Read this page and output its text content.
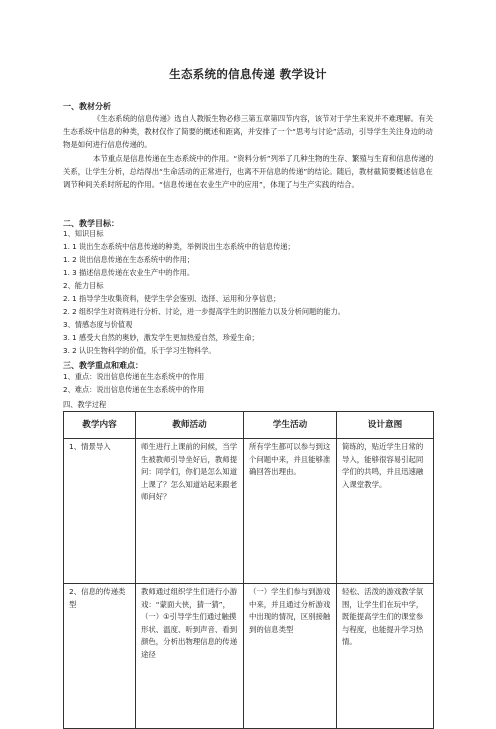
生态系统的信息传递 教学设计
一、教材分析
《生态系统的信息传递》选自人教版生物必修三第五章第四节内容，该节对于学生来说并不难理解。有关生态系统中信息的种类，教材仅作了简要的概述和距离，并安排了一个“思考与讨论”活动，引导学生关注身边的动物是如何进行信息传递的。
本节重点是信息传递在生态系统中的作用。“资料分析”列举了几种生物的生存、繁殖与生育和信息传递的关系，让学生分析，总结得出“生命活动的正常进行，也离不开信息的传递”的结论。随后，教材截简要概述信息在调节种间关系时所起的作用。“信息传递在农业生产中的应用”，体现了与生产实践的结合。
二、教学目标：
1、知识目标
1. 1 说出生态系统中信息传递的种类，举例说出生态系统中的信息传递；
1. 2 说出信息传递在生态系统中的作用；
1. 3 描述信息传递在农业生产中的作用。
2、能力目标
2. 1 指导学生收集资料，使学生学会鉴别、选择、运用和分享信息；
2. 2 组织学生对资料进行分析、讨论，进一步提高学生的识图能力以及分析问题的能力。
3、情感态度与价值观
3. 1 感受大自然的奥妙，激发学生更加热爱自然，珍爱生命；
3. 2 认识生物科学的价值，乐于学习生物科学。
三、教学重点和难点：
1、重点：说出信息传递在生态系统中的作用
2、难点：说出信息传递在生态系统中的作用
四、教学过程
教学内容	教师活动	学生活动	设计意图
1、情景导入	师生进行上课前的问候，当学生被教师引导坐好后，教师提问：同学们，你们是怎么知道上课了？怎么知道站起来跟老师问好？	所有学生都可以参与到这个问题中来，并且能够准确回答出理由。	简练的，贴近学生日常的导入，能够很容易引起同学们的共鸣，并且迅速融入课堂教学。
2、信息的传递类型	教师通过组织学生们进行小游戏：“蒙面大侠，猜一猜”，（一）①引导学生们通过触摸形状、温度、听到声音、看到颜色，分析出物理信息的传递途径	（一）学生们参与到游戏中来，并且通过分析游戏中出现的情况，区别接触到的信息类型	轻松、活泼的游戏教学氛围，让学生们在玩中学，既能提高学生们的课堂参与程度，也能提升学习热情。
